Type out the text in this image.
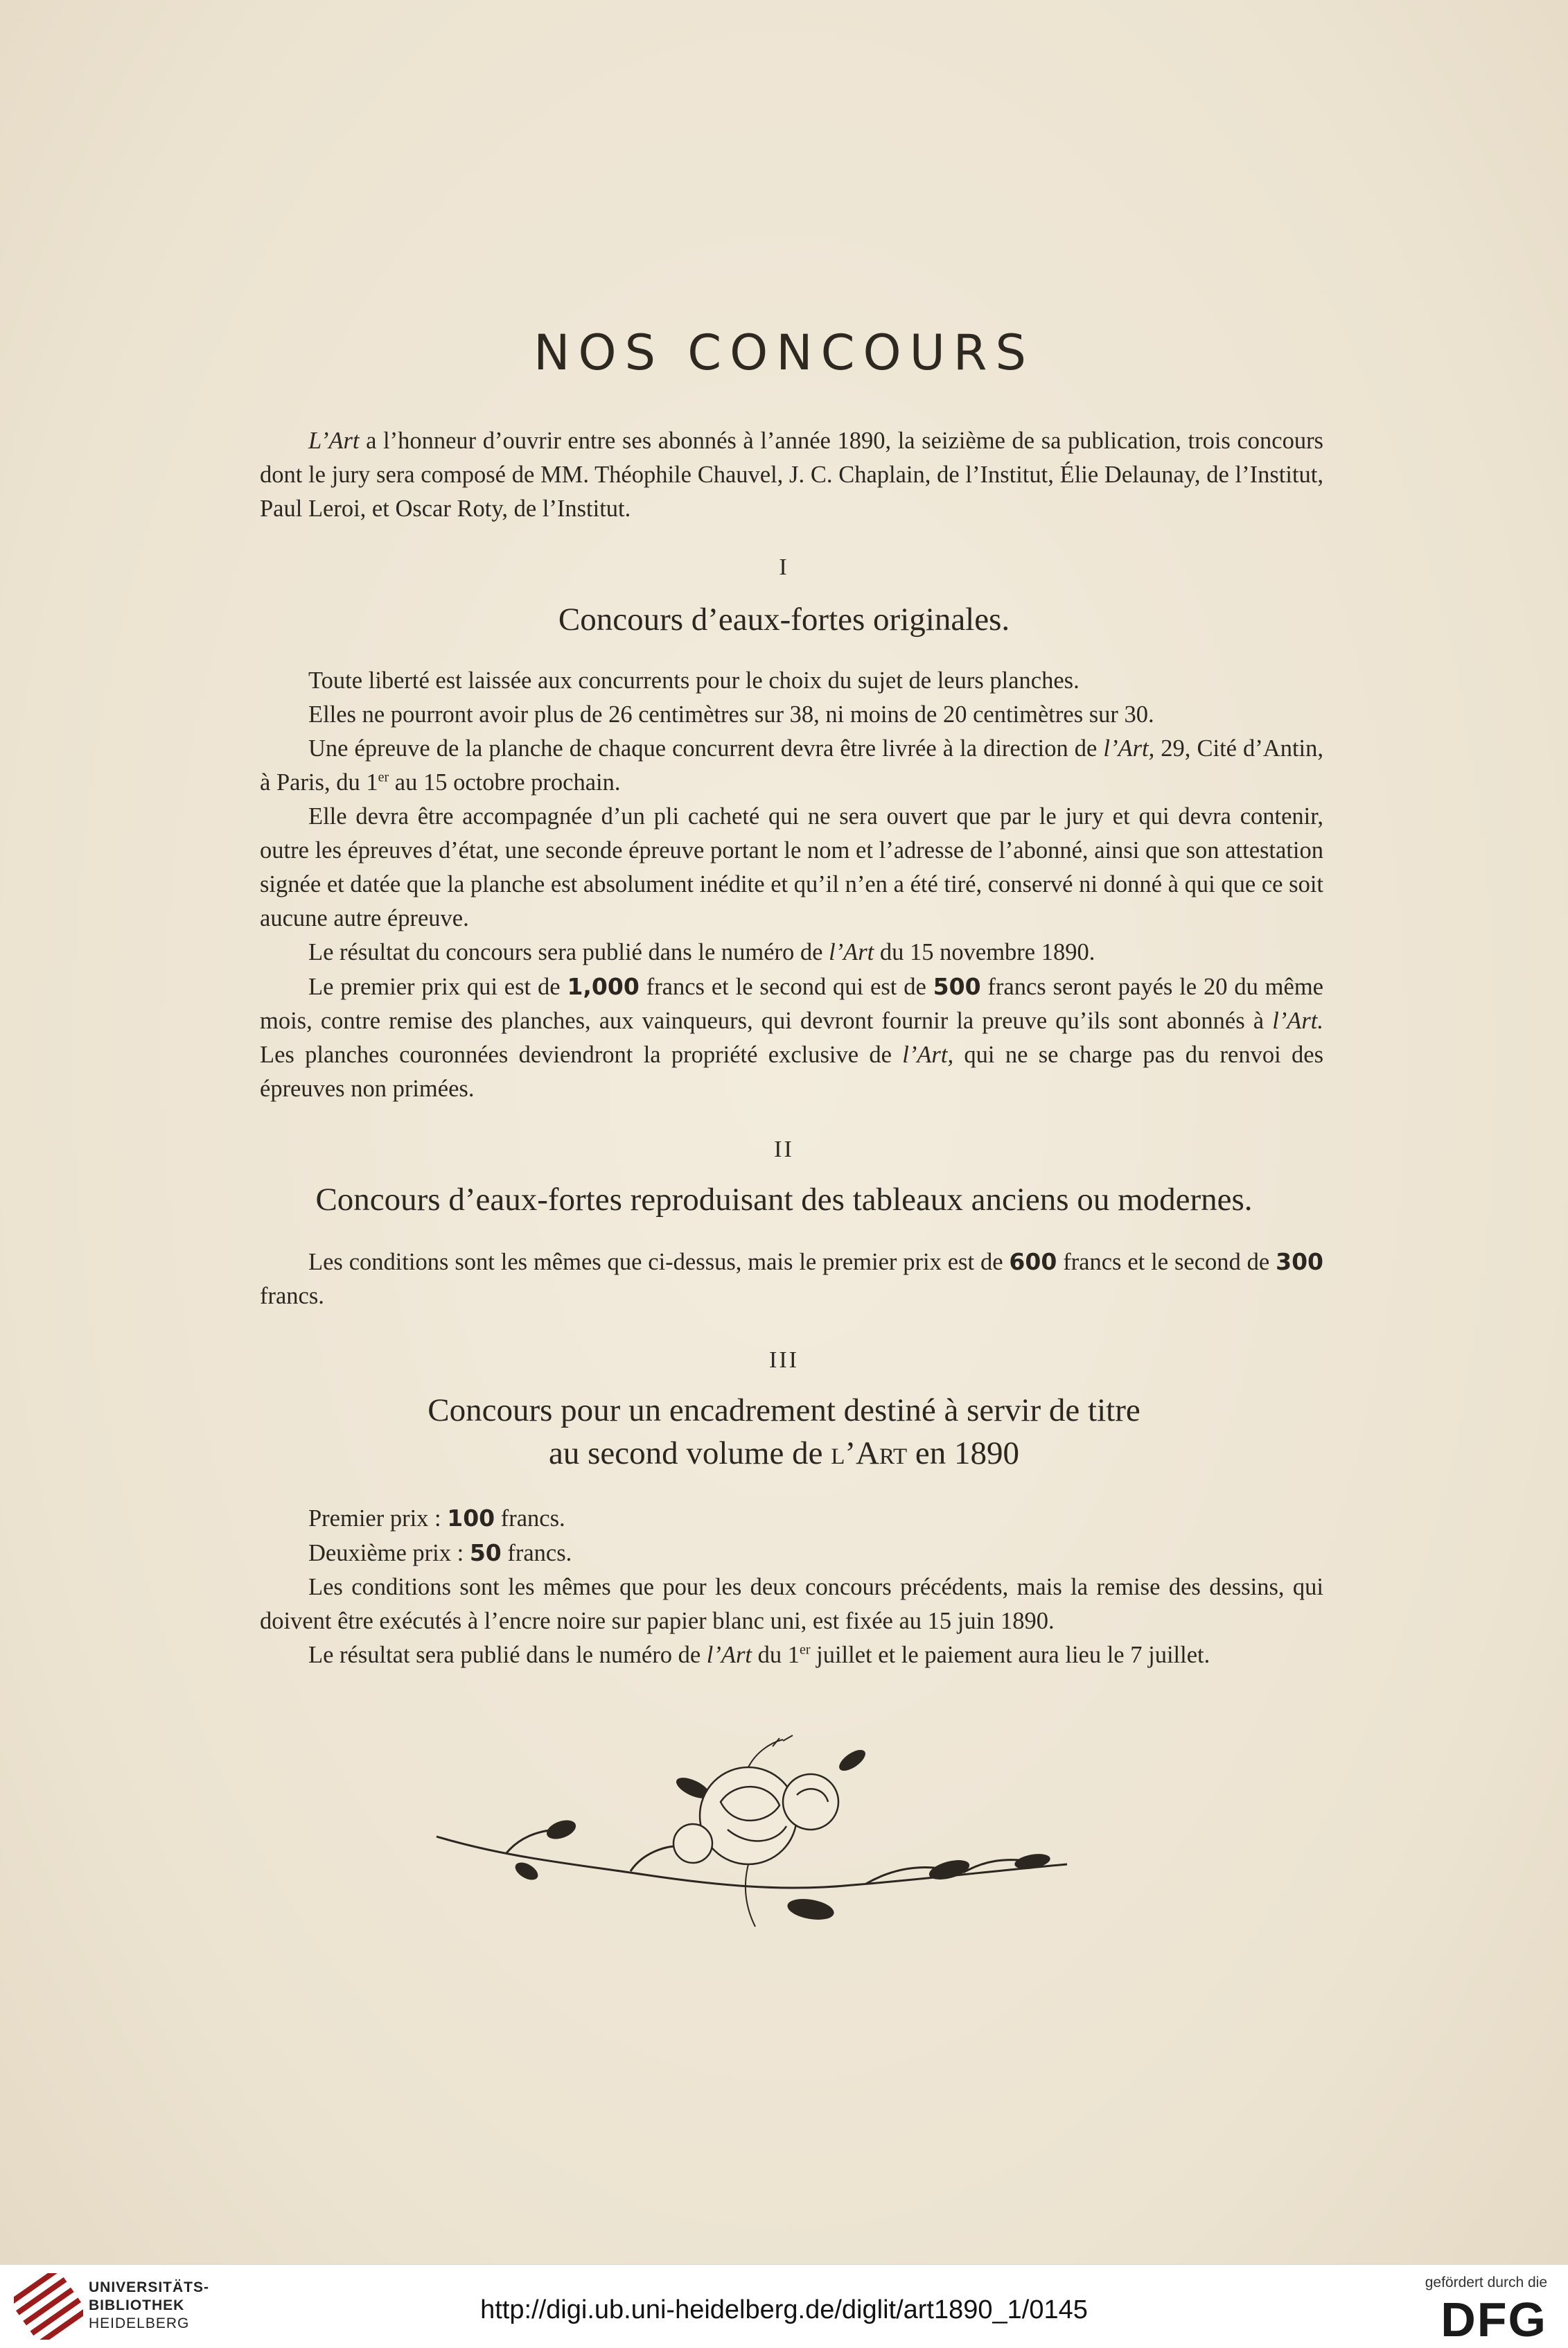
NOS CONCOURS

L’Art a l’honneur d’ouvrir entre ses abonnés à l’année 1890, la seizième de sa publication, trois concours dont le jury sera composé de MM. Théophile Chauvel, J. C. Chaplain, de l’Institut, Élie Delaunay, de l’Institut, Paul Leroi, et Oscar Roty, de l’Institut.

I
Concours d’eaux-fortes originales.

Toute liberté est laissée aux concurrents pour le choix du sujet de leurs planches.

Elles ne pourront avoir plus de 26 centimètres sur 38, ni moins de 20 centimètres sur 30.

Une épreuve de la planche de chaque concurrent devra être livrée à la direction de l’Art, 29, Cité d’Antin, à Paris, du 1er au 15 octobre prochain.

Elle devra être accompagnée d’un pli cacheté qui ne sera ouvert que par le jury et qui devra contenir, outre les épreuves d’état, une seconde épreuve portant le nom et l’adresse de l’abonné, ainsi que son attestation signée et datée que la planche est absolument inédite et qu’il n’en a été tiré, conservé ni donné à qui que ce soit aucune autre épreuve.

Le résultat du concours sera publié dans le numéro de l’Art du 15 novembre 1890.

Le premier prix qui est de 1,000 francs et le second qui est de 500 francs seront payés le 20 du même mois, contre remise des planches, aux vainqueurs, qui devront fournir la preuve qu’ils sont abonnés à l’Art. Les planches couronnées deviendront la propriété exclusive de l’Art, qui ne se charge pas du renvoi des épreuves non primées.

II
Concours d’eaux-fortes reproduisant des tableaux anciens ou modernes.

Les conditions sont les mêmes que ci-dessus, mais le premier prix est de 600 francs et le second de 300 francs.

III
Concours pour un encadrement destiné à servir de titre
au second volume de l’Art en 1890

Premier prix : 100 francs.

Deuxième prix : 50 francs.

Les conditions sont les mêmes que pour les deux concours précédents, mais la remise des dessins, qui doivent être exécutés à l’encre noire sur papier blanc uni, est fixée au 15 juin 1890.

Le résultat sera publié dans le numéro de l’Art du 1er juillet et le paiement aura lieu le 7 juillet.

UNIVERSITÄTS-
BIBLIOTHEK
HEIDELBERG	http://digi.ub.uni-heidelberg.de/diglit/art1890_1/0145
gefördert durch die
DFG
